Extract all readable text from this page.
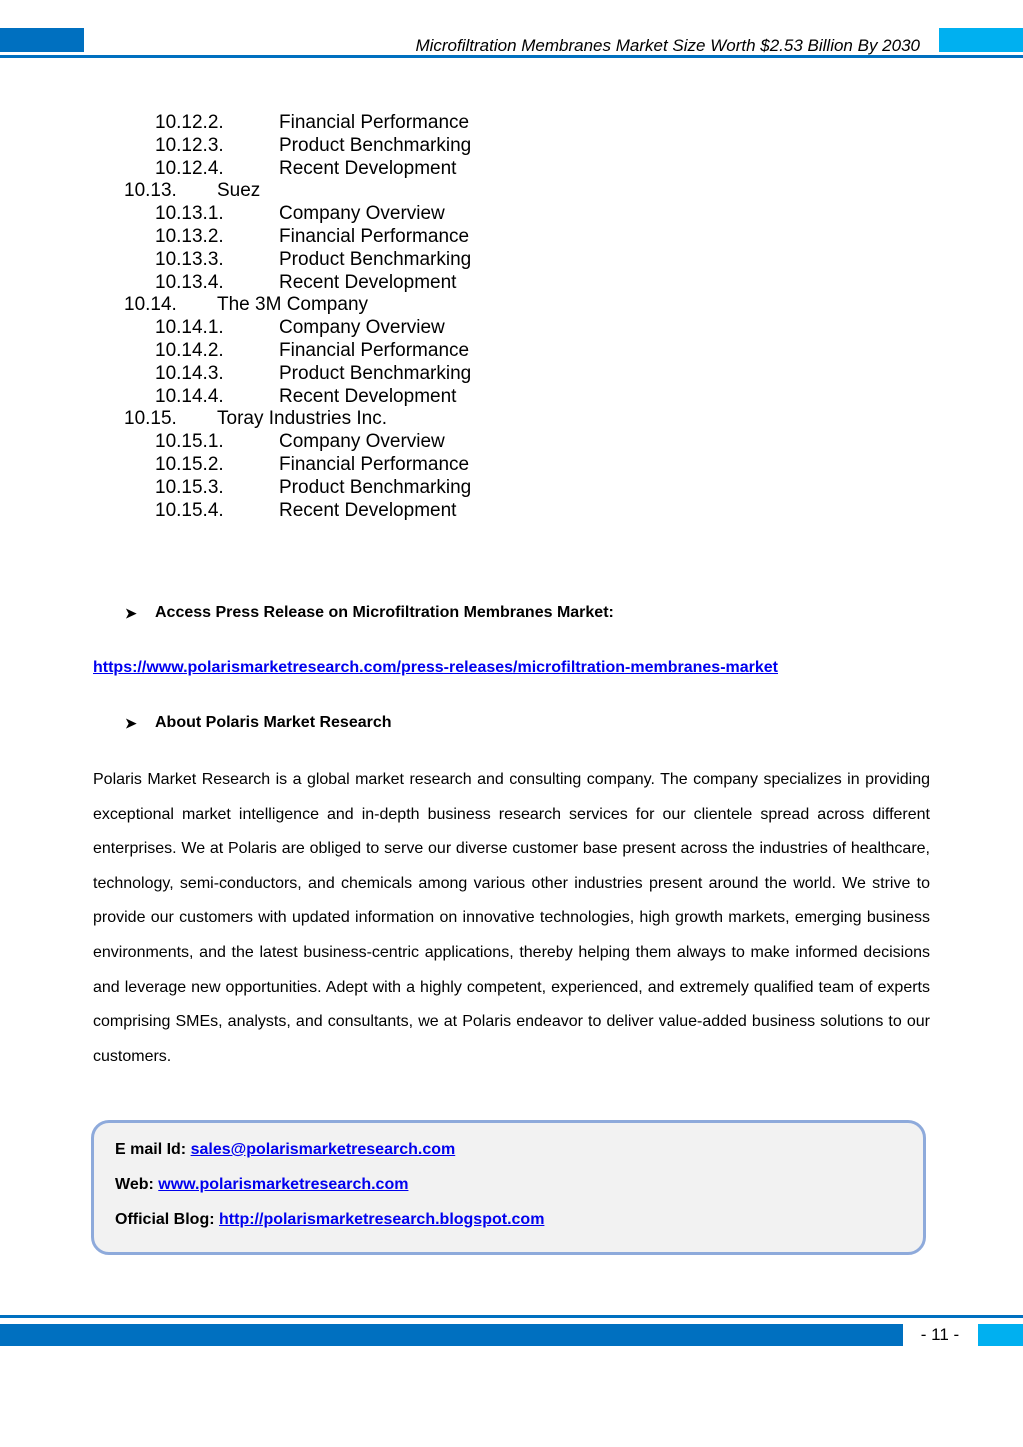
Microfiltration Membranes Market Size Worth $2.53 Billion By 2030
10.12.2.	Financial Performance
10.12.3.	Product Benchmarking
10.12.4.	Recent Development
10.13. Suez
10.13.1.	Company Overview
10.13.2.	Financial Performance
10.13.3.	Product Benchmarking
10.13.4.	Recent Development
10.14. The 3M Company
10.14.1.	Company Overview
10.14.2.	Financial Performance
10.14.3.	Product Benchmarking
10.14.4.	Recent Development
10.15. Toray Industries Inc.
10.15.1.	Company Overview
10.15.2.	Financial Performance
10.15.3.	Product Benchmarking
10.15.4.	Recent Development
➤ Access Press Release on Microfiltration Membranes Market:
https://www.polarismarketresearch.com/press-releases/microfiltration-membranes-market
➤ About Polaris Market Research

Polaris Market Research is a global market research and consulting company. The company specializes in providing exceptional market intelligence and in-depth business research services for our clientele spread across different enterprises. We at Polaris are obliged to serve our diverse customer base present across the industries of healthcare, technology, semi-conductors, and chemicals among various other industries present around the world. We strive to provide our customers with updated information on innovative technologies, high growth markets, emerging business environments, and the latest business-centric applications, thereby helping them always to make informed decisions and leverage new opportunities. Adept with a highly competent, experienced, and extremely qualified team of experts comprising SMEs, analysts, and consultants, we at Polaris endeavor to deliver value-added business solutions to our customers.

E mail Id: sales@polarismarketresearch.com
Web: www.polarismarketresearch.com
Official Blog: http://polarismarketresearch.blogspot.com
- 11 -
